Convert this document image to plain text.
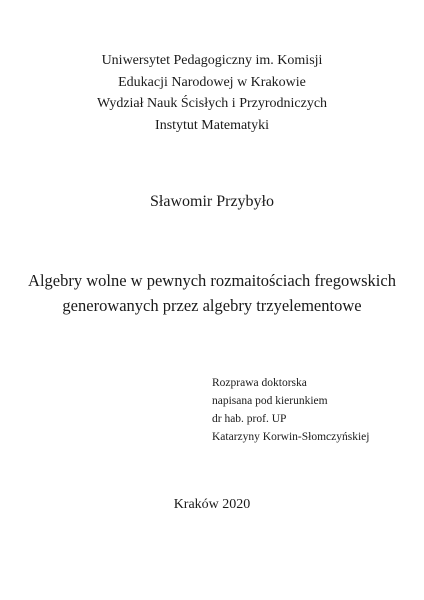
Uniwersytet Pedagogiczny im. Komisji
Edukacji Narodowej w Krakowie
Wydział Nauk Ścisłych i Przyrodniczych
Instytut Matematyki
Sławomir Przybyło
Algebry wolne w pewnych rozmaitościach fregowskich
generowanych przez algebry trzyelementowe
Rozprawa doktorska
napisana pod kierunkiem
dr hab. prof. UP
Katarzyny Korwin-Słomczyńskiej
Kraków 2020
